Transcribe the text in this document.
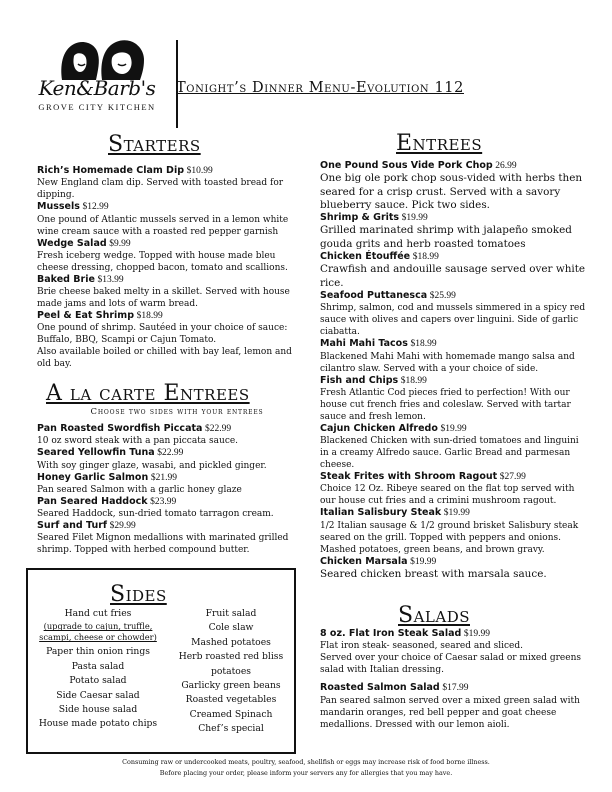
Ken&Barb's
GROVE CITY KITCHEN
Tonight’s Dinner Menu-Evolution 112
Starters

Rich’s Homemade Clam Dip $10.99

New England clam dip. Served with toasted bread for dipping.

Mussels $12.99

One pound of Atlantic mussels served in a lemon white wine cream sauce with a roasted red pepper garnish

Wedge Salad $9.99

Fresh iceberg wedge. Topped with house made bleu cheese dressing, chopped bacon, tomato and scallions.

Baked Brie $13.99

Brie cheese baked melty in a skillet. Served with house made jams and lots of warm bread.

Peel & Eat Shrimp $18.99

One pound of shrimp. Sautéed in your choice of sauce: Buffalo, BBQ, Scampi or Cajun Tomato.

Also available boiled or chilled with bay leaf, lemon and old bay.

A la carte Entrees
Choose two sides with your entrees

Pan Roasted Swordfish Piccata $22.99

10 oz sword steak with a pan piccata sauce.

Seared Yellowfin Tuna $22.99

With soy ginger glaze, wasabi, and pickled ginger.

Honey Garlic Salmon $21.99

Pan seared Salmon with a garlic honey glaze

Pan Seared Haddock $23.99

Seared Haddock, sun-dried tomato tarragon cream.

Surf and Turf $29.99

Seared Filet Mignon medallions with marinated grilled shrimp. Topped with herbed compound butter.

Sides
Hand cut fries
(upgrade to cajun, truffle, scampi, cheese or chowder)
Paper thin onion rings
Pasta salad
Potato salad
Side Caesar salad
Side house salad
House made potato chips
Fruit salad
Cole slaw
Mashed potatoes
Herb roasted red bliss potatoes
Garlicky green beans
Roasted vegetables
Creamed Spinach
Chef’s special
Entrees

One Pound Sous Vide Pork Chop 26.99

One big ole pork chop sous-vided with herbs then seared for a crisp crust. Served with a savory blueberry sauce. Pick two sides.

Shrimp & Grits $19.99

Grilled marinated shrimp with jalapeño smoked gouda grits and herb roasted tomatoes

Chicken Étouffée $18.99

Crawfish and andouille sausage served over white rice.

Seafood Puttanesca $25.99

Shrimp, salmon, cod and mussels simmered in a spicy red sauce with olives and capers over linguini. Side of garlic ciabatta.

Mahi Mahi Tacos $18.99

Blackened Mahi Mahi with homemade mango salsa and cilantro slaw. Served with a your choice of side.

Fish and Chips $18.99

Fresh Atlantic Cod pieces fried to perfection! With our house cut french fries and coleslaw. Served with tartar sauce and fresh lemon.

Cajun Chicken Alfredo $19.99

Blackened Chicken with sun-dried tomatoes and linguini in a creamy Alfredo sauce. Garlic Bread and parmesan cheese.

Steak Frites with Shroom Ragout $27.99

Choice 12 Oz. Ribeye seared on the flat top served with our house cut fries and a crimini mushroom ragout.

Italian Salisbury Steak $19.99

1/2 Italian sausage & 1/2 ground brisket Salisbury steak seared on the grill. Topped with peppers and onions. Mashed potatoes, green beans, and brown gravy.

Chicken Marsala $19.99

Seared chicken breast with marsala sauce.

Salads

8 oz. Flat Iron Steak Salad $19.99

Flat iron steak- seasoned, seared and sliced.

Served over your choice of Caesar salad or mixed greens salad with Italian dressing.

Roasted Salmon Salad $17.99

Pan seared salmon served over a mixed green salad with mandarin oranges, red bell pepper and goat cheese medallions. Dressed with our lemon aioli.

Consuming raw or undercooked meats, poultry, seafood, shellfish or eggs may increase risk of food borne illness.
Before placing your order, please inform your servers any for allergies that you may have.
